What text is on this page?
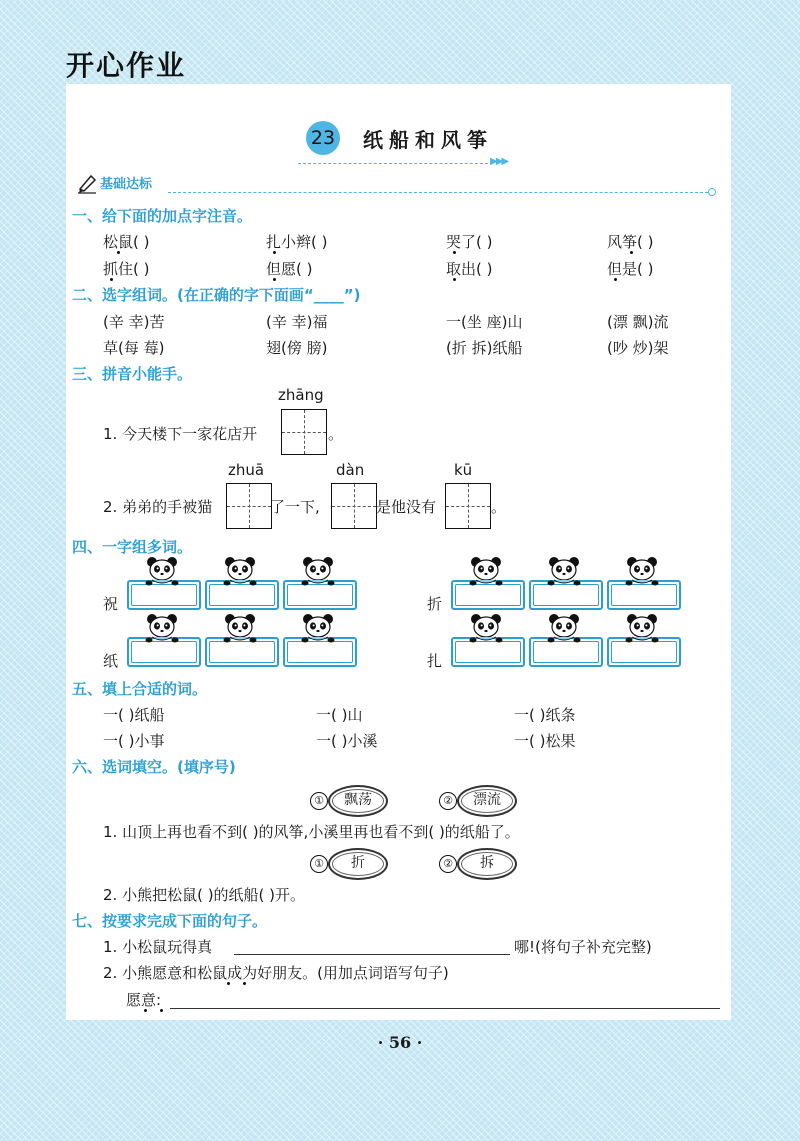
开心作业
23 纸船和风筝
▶▶▶
基础达标
一、给下面的加点字注音。
松鼠( )	扎小辫( )	哭了( )	风筝( )
抓住( )	但愿( )	取出( )	但是( )
二、选字组词。(在正确的字下面画“____”)
(辛 幸)苦	(辛 幸)福	一(坐 座)山	(漂 飘)流
草(每 莓)	翅(傍 膀)	(折 拆)纸船	(吵 炒)架
三、拼音小能手。
zhāng
1. 今天楼下一家花店开	。
zhuā	dàn	kū
2. 弟弟的手被猫	了一下,	是他没有	。
四、一字组多词。
祝	折
纸	扎
五、填上合适的词。
一( )纸船	一( )山	一( )纸条
一( )小事	一( )小溪	一( )松果
六、选词填空。(填序号)
①	飘荡	②	漂流
1. 山顶上再也看不到( )的风筝,小溪里再也看不到( )的纸船了。
①	折	②	拆
2. 小熊把松鼠( )的纸船( )开。
七、按要求完成下面的句子。
1. 小松鼠玩得真	哪!(将句子补充完整)
2. 小熊愿意和松鼠成为好朋友。(用加点词语写句子)
愿意:
· 56 ·
